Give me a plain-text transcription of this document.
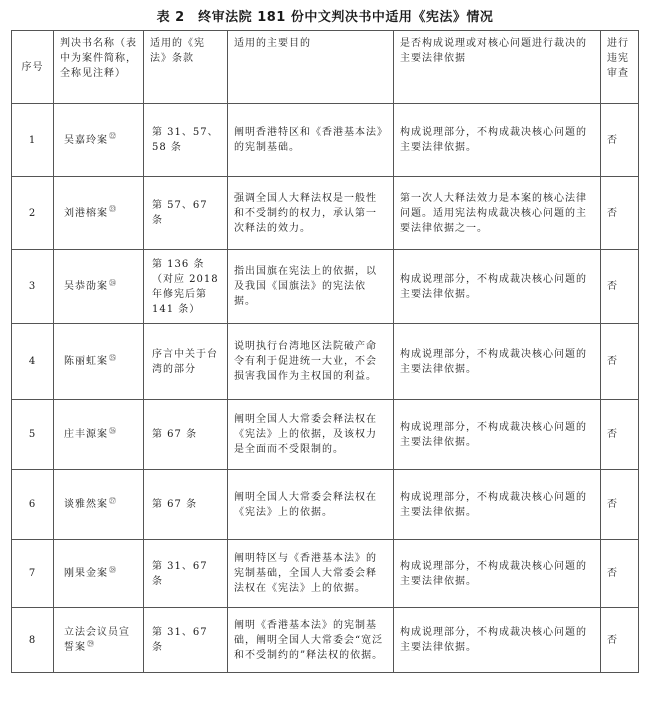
表 2　终审法院 181 份中文判决书中适用《宪法》情况
序号	判决书名称（表中为案件简称，全称见注释）	适用的《宪法》条款	适用的主要目的	是否构成说理或对核心问题进行裁决的主要法律依据	进行违宪审查
1	吴嘉玲案$^㉒$	第 31、57、58 条	阐明香港特区和《香港基本法》的宪制基础。	构成说理部分，不构成裁决核心问题的主要法律依据。	否
2	刘港榕案$^㉓$	第 57、67 条	强调全国人大释法权是一般性和不受制约的权力，承认第一次释法的效力。	第一次人大释法效力是本案的核心法律问题。适用宪法构成裁决核心问题的主要法律依据之一。	否
3	吴恭劭案$^㉔$	第 136 条（对应 2018 年修宪后第 141 条）	指出国旗在宪法上的依据，以及我国《国旗法》的宪法依据。	构成说理部分，不构成裁决核心问题的主要法律依据。	否
4	陈丽虹案$^㉕$	序言中关于台湾的部分	说明执行台湾地区法院破产命令有利于促进统一大业，不会损害我国作为主权国的利益。	构成说理部分，不构成裁决核心问题的主要法律依据。	否
5	庄丰源案$^㉖$	第 67 条	阐明全国人大常委会释法权在《宪法》上的依据，及该权力是全面而不受限制的。	构成说理部分，不构成裁决核心问题的主要法律依据。	否
6	谈雅然案$^㉗$	第 67 条	阐明全国人大常委会释法权在《宪法》上的依据。	构成说理部分，不构成裁决核心问题的主要法律依据。	否
7	刚果金案$^㉘$	第 31、67 条	阐明特区与《香港基本法》的宪制基础，全国人大常委会释法权在《宪法》上的依据。	构成说理部分，不构成裁决核心问题的主要法律依据。	否
8	立法会议员宣誓案$^㉙$	第 31、67 条	阐明《香港基本法》的宪制基础，阐明全国人大常委会“宽泛和不受制约的”释法权的依据。	构成说理部分，不构成裁决核心问题的主要法律依据。	否
